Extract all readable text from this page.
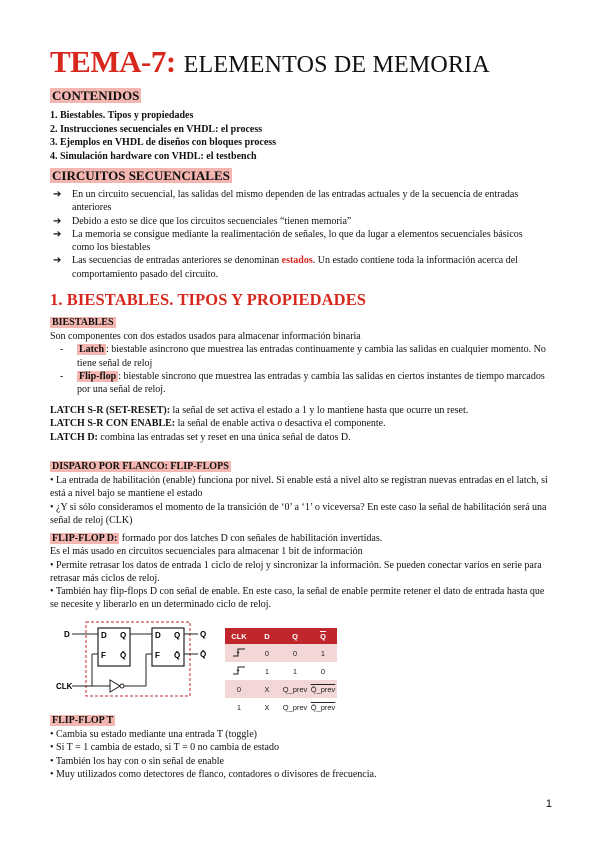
TEMA-7: ELEMENTOS DE MEMORIA
CONTENIDOS
1. Biestables. Tipos y propiedades
2. Instrucciones secuenciales en VHDL: el process
3. Ejemplos en VHDL de diseños con bloques process
4. Simulación hardware con VHDL: el testbench
CIRCUITOS SECUENCIALES
➔ En un circuito secuencial, las salidas del mismo dependen de las entradas actuales y de la secuencia de entradas anteriores
➔ Debido a esto se dice que los circuitos secuenciales “tienen memoria”
➔ La memoria se consigue mediante la realimentación de señales, lo que da lugar a elementos secuenciales básicos como los biestables
➔ Las secuencias de entradas anteriores se denominan estados. Un estado contiene toda la información acerca del comportamiento pasado del circuito.
1. BIESTABLES. TIPOS Y PROPIEDADES
BIESTABLES
Son componentes con dos estados usados para almacenar información binaria
- Latch : biestable asincrono que muestrea las entradas continuamente y cambia las salidas en cualquier momento. No tiene señal de reloj
- Flip-flop : biestable sincrono que muestrea las entradas y cambia las salidas en ciertos instantes de tiempo marcados por una señal de reloj.
LATCH S-R (SET-RESET): la señal de set activa el estado a 1 y lo mantiene hasta que ocurre un reset.
LATCH S-R CON ENABLE: la señal de enable activa o desactiva el componente.
LATCH D: combina las entradas set y reset en una única señal de datos D.
DISPARO POR FLANCO: FLIP-FLOPS
• La entrada de habilitación (enable) funciona por nivel. Si enable está a nivel alto se registran nuevas entradas en el latch, si está a nivel bajo se mantiene el estado
• ¿Y si sólo consideramos el momento de la transición de ‘0’ a ‘1’ o viceversa? En este caso la señal de habilitación será una señal de reloj (CLK)
FLIP-FLOP D: formado por dos latches D con señales de habilitación invertidas.
Es el más usado en circuitos secuenciales para almacenar 1 bit de información
• Permite retrasar los datos de entrada 1 ciclo de reloj y sincronizar la información. Se pueden conectar varios en serie para retrasar más ciclos de reloj.
• También hay flip-flops D con señal de enable. En este caso, la señal de enable permite retener el dato de entrada hasta que se necesite y liberarlo en un determinado ciclo de reloj.
D
CLK
D Q
F Q̄
D Q
F Q̄
Q
Q̄
CLK	D	Q	$\overline{Q}$
	0	0	1
	1	1	0
0	X	Q_prev	Q̄_prev
1	X	Q_prev	Q̄_prev
FLIP-FLOP T
• Cambia su estado mediante una entrada T (toggle)
• Si T = 1 cambia de estado, si T = 0 no cambia de estado
• También los hay con o sin señal de enable
• Muy utilizados como detectores de flanco, contadores o divisores de frecuencia.
1
